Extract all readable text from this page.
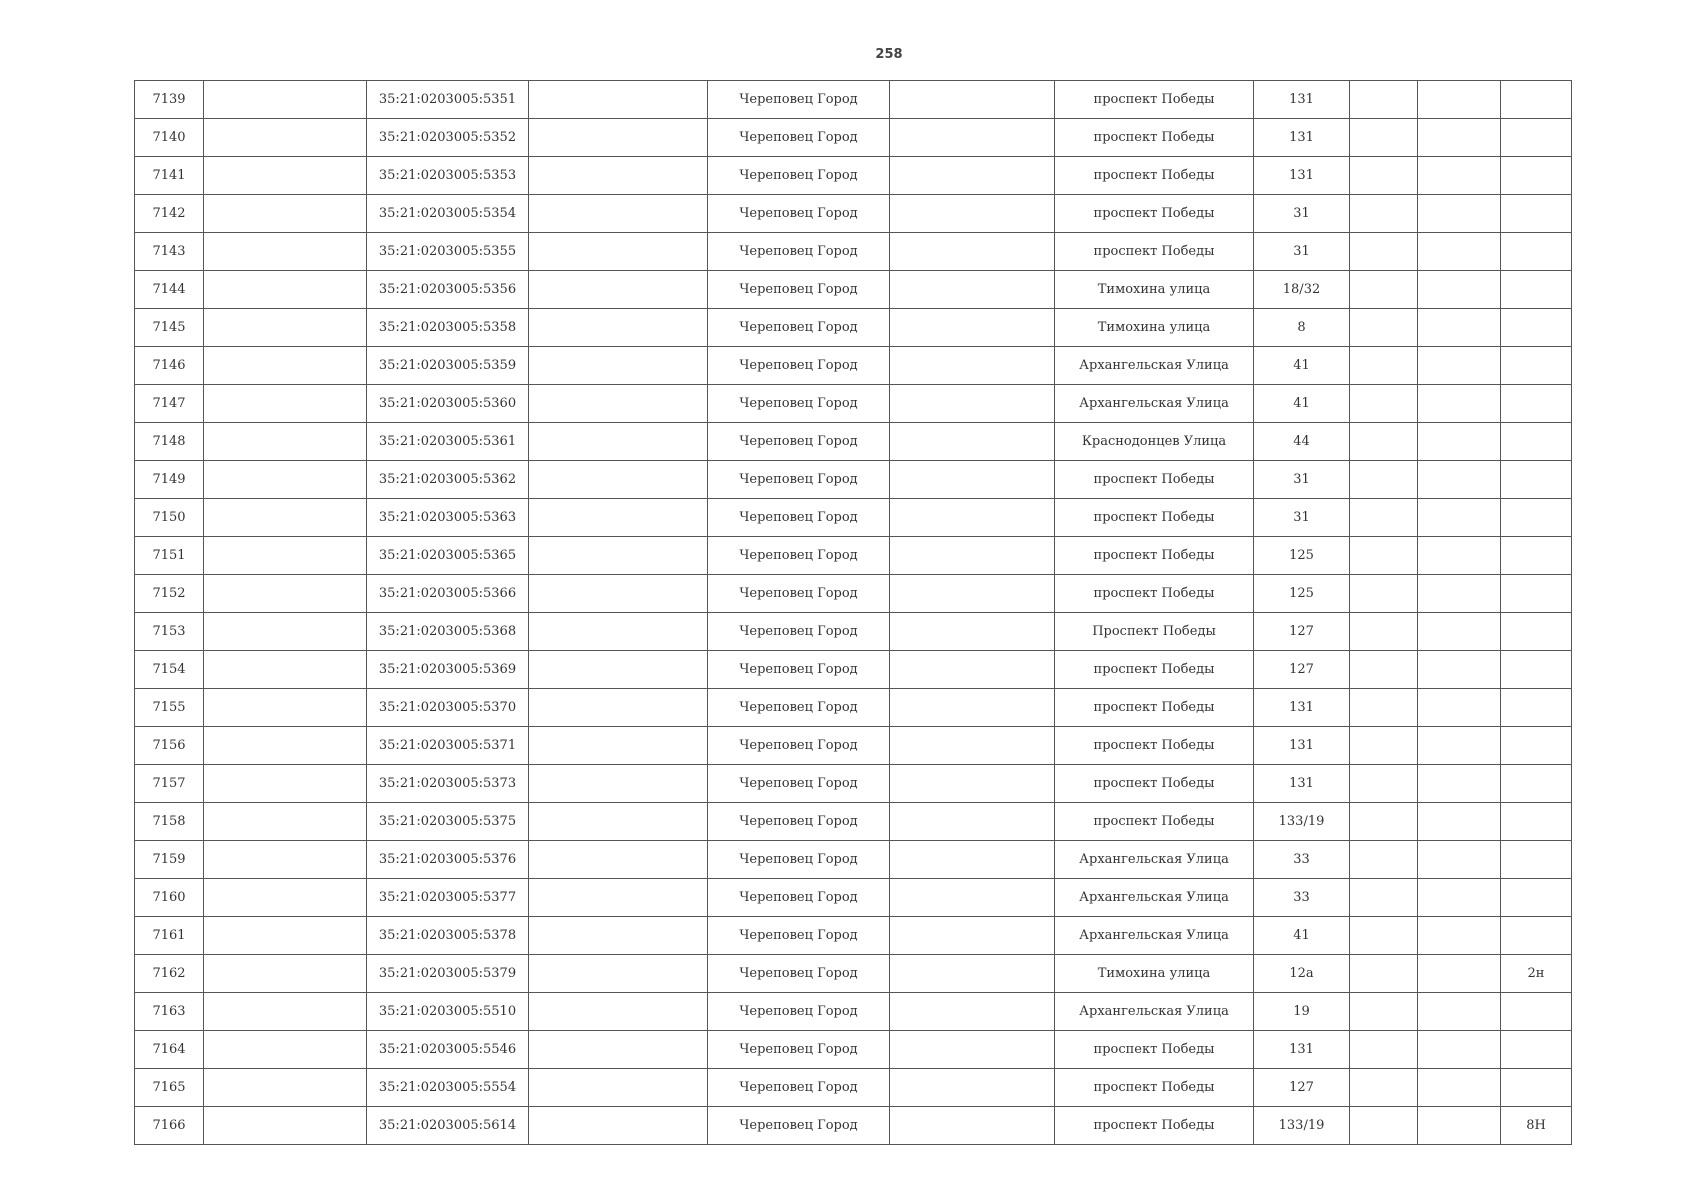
258
7139		35:21:0203005:5351		Череповец Город		проспект Победы	131			
7140		35:21:0203005:5352		Череповец Город		проспект Победы	131			
7141		35:21:0203005:5353		Череповец Город		проспект Победы	131			
7142		35:21:0203005:5354		Череповец Город		проспект Победы	31			
7143		35:21:0203005:5355		Череповец Город		проспект Победы	31			
7144		35:21:0203005:5356		Череповец Город		Тимохина улица	18/32			
7145		35:21:0203005:5358		Череповец Город		Тимохина улица	8			
7146		35:21:0203005:5359		Череповец Город		Архангельская Улица	41			
7147		35:21:0203005:5360		Череповец Город		Архангельская Улица	41			
7148		35:21:0203005:5361		Череповец Город		Краснодонцев Улица	44			
7149		35:21:0203005:5362		Череповец Город		проспект Победы	31			
7150		35:21:0203005:5363		Череповец Город		проспект Победы	31			
7151		35:21:0203005:5365		Череповец Город		проспект Победы	125			
7152		35:21:0203005:5366		Череповец Город		проспект Победы	125			
7153		35:21:0203005:5368		Череповец Город		Проспект Победы	127			
7154		35:21:0203005:5369		Череповец Город		проспект Победы	127			
7155		35:21:0203005:5370		Череповец Город		проспект Победы	131			
7156		35:21:0203005:5371		Череповец Город		проспект Победы	131			
7157		35:21:0203005:5373		Череповец Город		проспект Победы	131			
7158		35:21:0203005:5375		Череповец Город		проспект Победы	133/19			
7159		35:21:0203005:5376		Череповец Город		Архангельская Улица	33			
7160		35:21:0203005:5377		Череповец Город		Архангельская Улица	33			
7161		35:21:0203005:5378		Череповец Город		Архангельская Улица	41			
7162		35:21:0203005:5379		Череповец Город		Тимохина улица	12а			2н
7163		35:21:0203005:5510		Череповец Город		Архангельская Улица	19			
7164		35:21:0203005:5546		Череповец Город		проспект Победы	131			
7165		35:21:0203005:5554		Череповец Город		проспект Победы	127			
7166		35:21:0203005:5614		Череповец Город		проспект Победы	133/19			8Н
